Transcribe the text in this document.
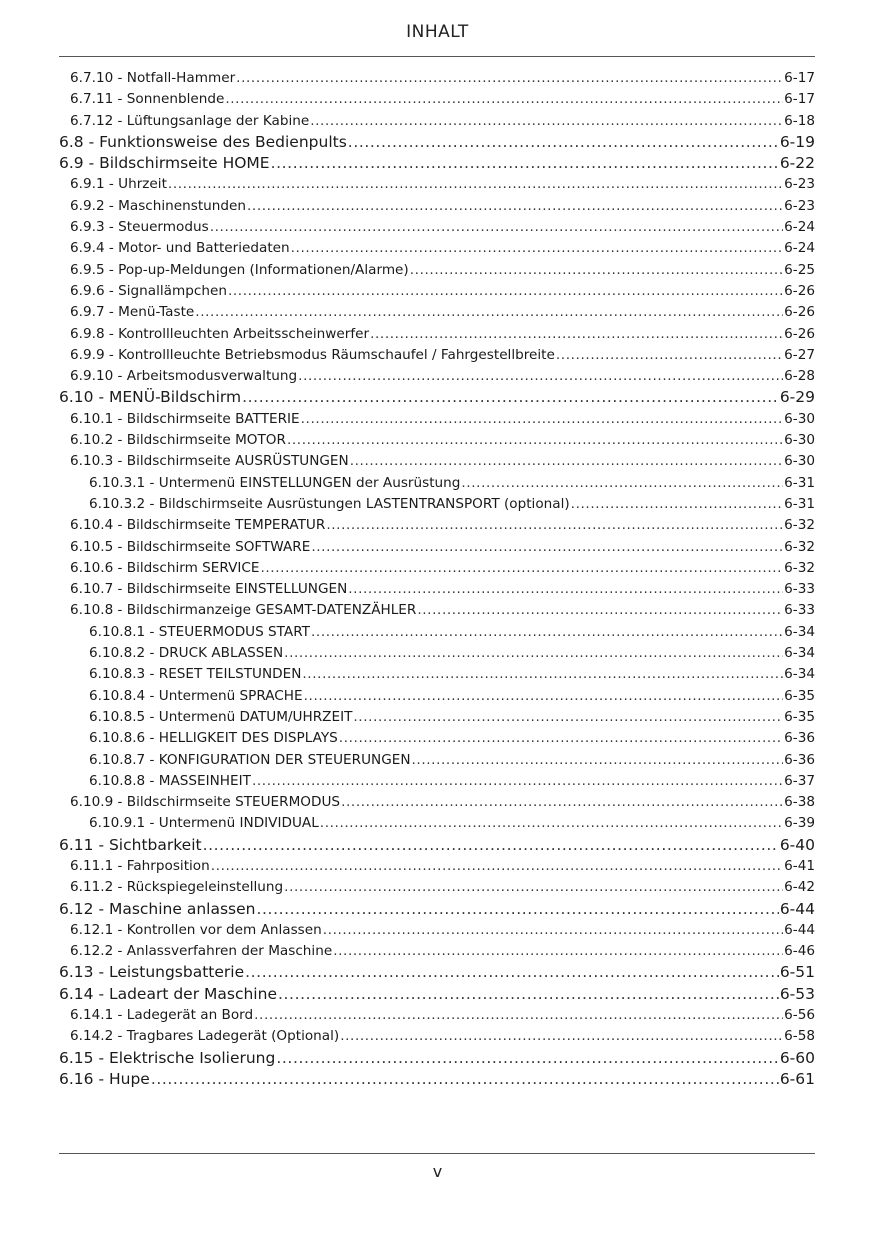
INHALT
6.7.10 - Notfall-Hammer .....	6-17
6.7.11 - Sonnenblende .....	6-17
6.7.12 - Lüftungsanlage der Kabine .....	6-18
6.8 - Funktionsweise des Bedienpults .....	6-19
6.9 - Bildschirmseite HOME .....	6-22
6.9.1 - Uhrzeit .....	6-23
6.9.2 - Maschinenstunden .....	6-23
6.9.3 - Steuermodus .....	6-24
6.9.4 - Motor- und Batteriedaten .....	6-24
6.9.5 - Pop-up-Meldungen (Informationen/Alarme) .....	6-25
6.9.6 - Signallämpchen .....	6-26
6.9.7 - Menü-Taste .....	6-26
6.9.8 - Kontrollleuchten Arbeitsscheinwerfer .....	6-26
6.9.9 - Kontrollleuchte Betriebsmodus Räumschaufel / Fahrgestellbreite .....	6-27
6.9.10 - Arbeitsmodusverwaltung .....	6-28
6.10 - MENÜ-Bildschirm .....	6-29
6.10.1 - Bildschirmseite BATTERIE .....	6-30
6.10.2 - Bildschirmseite MOTOR .....	6-30
6.10.3 - Bildschirmseite AUSRÜSTUNGEN .....	6-30
6.10.3.1 - Untermenü EINSTELLUNGEN der Ausrüstung .....	6-31
6.10.3.2 - Bildschirmseite Ausrüstungen LASTENTRANSPORT (optional) .....	6-31
6.10.4 - Bildschirmseite TEMPERATUR .....	6-32
6.10.5 - Bildschirmseite SOFTWARE .....	6-32
6.10.6 - Bildschirm SERVICE .....	6-32
6.10.7 - Bildschirmseite EINSTELLUNGEN .....	6-33
6.10.8 - Bildschirmanzeige GESAMT-DATENZÄHLER .....	6-33
6.10.8.1 - STEUERMODUS START .....	6-34
6.10.8.2 - DRUCK ABLASSEN .....	6-34
6.10.8.3 - RESET TEILSTUNDEN .....	6-34
6.10.8.4 - Untermenü SPRACHE .....	6-35
6.10.8.5 - Untermenü DATUM/UHRZEIT .....	6-35
6.10.8.6 - HELLIGKEIT DES DISPLAYS .....	6-36
6.10.8.7 - KONFIGURATION DER STEUERUNGEN .....	6-36
6.10.8.8 - MASSEINHEIT .....	6-37
6.10.9 - Bildschirmseite STEUERMODUS .....	6-38
6.10.9.1 - Untermenü INDIVIDUAL .....	6-39
6.11 - Sichtbarkeit .....	6-40
6.11.1 - Fahrposition .....	6-41
6.11.2 - Rückspiegeleinstellung .....	6-42
6.12 - Maschine anlassen .....	6-44
6.12.1 - Kontrollen vor dem Anlassen .....	6-44
6.12.2 - Anlassverfahren der Maschine .....	6-46
6.13 - Leistungsbatterie .....	6-51
6.14 - Ladeart der Maschine .....	6-53
6.14.1 - Ladegerät an Bord .....	6-56
6.14.2 - Tragbares Ladegerät (Optional) .....	6-58
6.15 - Elektrische Isolierung .....	6-60
6.16 - Hupe .....	6-61
v
